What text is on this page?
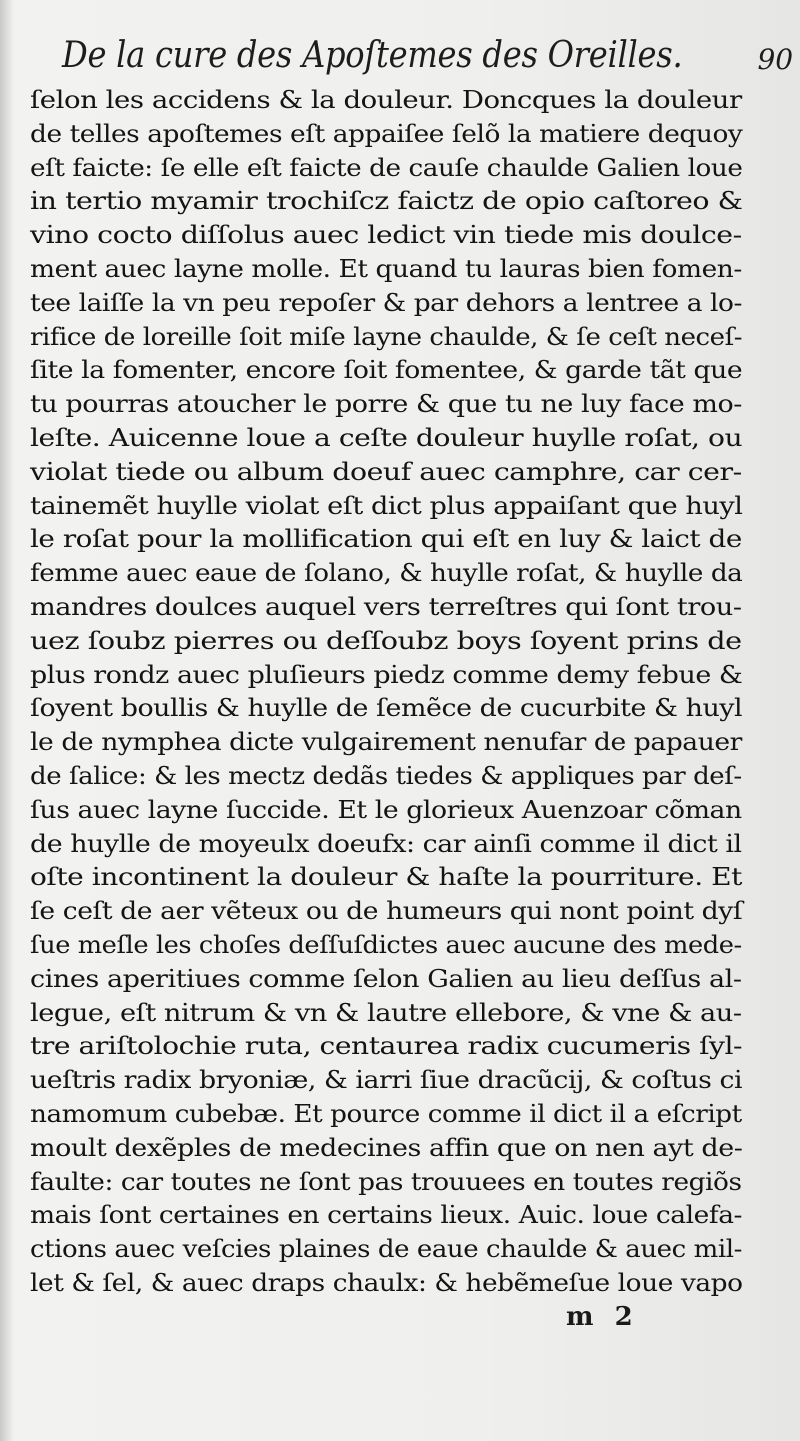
De la cure des Apoſtemes des Oreilles.	90
ſelon les accidens & la douleur. Doncques la douleur
de telles apoſtemes eſt appaiſee ſelõ la matiere dequoy
eſt faicte: ſe elle eſt faicte de cauſe chaulde Galien loue
in tertio myamir trochiſcz faictz de opio caſtoreo &
vino cocto diſſolus auec ledict vin tiede mis doulce-
ment auec layne molle. Et quand tu lauras bien fomen-
tee laiſſe la vn peu repoſer & par dehors a lentree a lo-
rifice de loreille ſoit miſe layne chaulde, & ſe ceſt neceſ-
ſite la fomenter, encore ſoit fomentee, & garde tãt que
tu pourras atoucher le porre & que tu ne luy face mo-
leſte. Auicenne loue a ceſte douleur huylle roſat, ou
violat tiede ou album doeuf auec camphre, car cer-
tainemẽt huylle violat eſt dict plus appaiſant que huyl
le roſat pour la mollification qui eſt en luy & laict de
femme auec eaue de ſolano, & huylle roſat, & huylle da
mandres doulces auquel vers terreſtres qui ſont trou-
uez ſoubz pierres ou deſſoubz boys ſoyent prins de
plus rondz auec pluſieurs piedz comme demy febue &
ſoyent boullis & huylle de ſemẽce de cucurbite & huyl
le de nymphea dicte vulgairement nenufar de papauer
de ſalice: & les mectz dedãs tiedes & appliques par deſ-
ſus auec layne ſuccide. Et le glorieux Auenzoar cõman
de huylle de moyeulx doeufx: car ainſi comme il dict il
oſte incontinent la douleur & haſte la pourriture. Et
ſe ceſt de aer vẽteux ou de humeurs qui nont point dyſ
ſue meſle les choſes deſſuſdictes auec aucune des mede-
cines aperitiues comme ſelon Galien au lieu deſſus al-
legue, eſt nitrum & vn & lautre ellebore, & vne & au-
tre ariſtolochie ruta, centaurea radix cucumeris ſyl-
ueſtris radix bryoniæ, & iarri ſiue dracũcij, & coſtus ci
namomum cubebæ. Et pource comme il dict il a eſcript
moult dexẽples de medecines affin que on nen ayt de-
faulte: car toutes ne ſont pas trouuees en toutes regiõs
mais ſont certaines en certains lieux. Auic. loue calefa-
ctions auec veſcies plaines de eaue chaulde & auec mil-
let & ſel, & auec draps chaulx: & hebẽmeſue loue vapo
m 2
